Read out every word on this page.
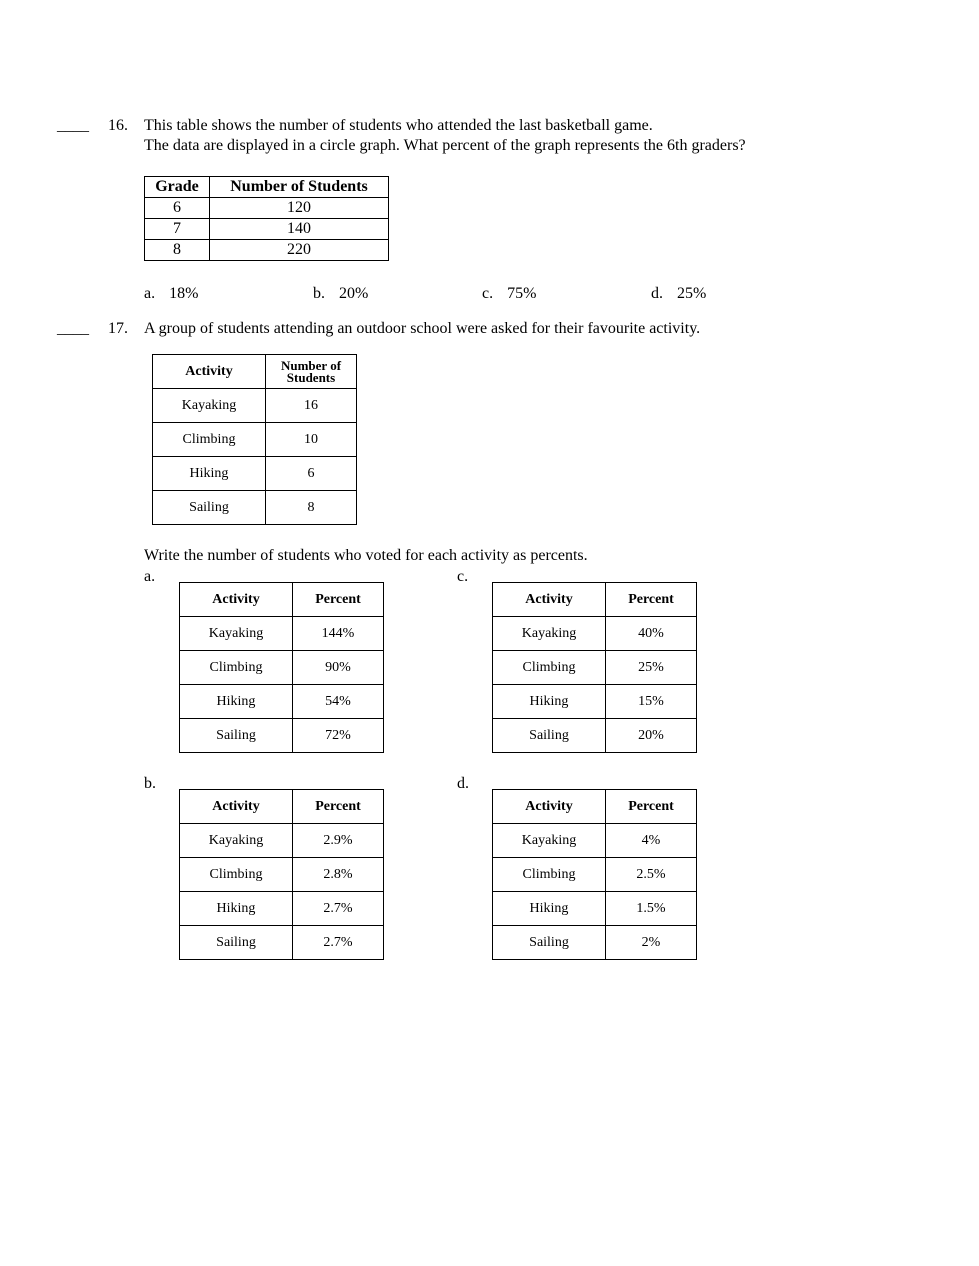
____ 16. This table shows the number of students who attended the last basketball game.
The data are displayed in a circle graph. What percent of the graph represents the 6th graders?
Grade	Number of Students
6	120
7	140
8	220
a. 18%	b. 20%	c. 75%	d. 25%
____ 17. A group of students attending an outdoor school were asked for their favourite activity.
Activity	Number of
Students
Kayaking	16
Climbing	10
Hiking	6
Sailing	8
Write the number of students who voted for each activity as percents.
a.
Activity	Percent
Kayaking	144%
Climbing	90%
Hiking	54%
Sailing	72%
c.
Activity	Percent
Kayaking	40%
Climbing	25%
Hiking	15%
Sailing	20%
b.
Activity	Percent
Kayaking	2.9%
Climbing	2.8%
Hiking	2.7%
Sailing	2.7%
d.
Activity	Percent
Kayaking	4%
Climbing	2.5%
Hiking	1.5%
Sailing	2%
